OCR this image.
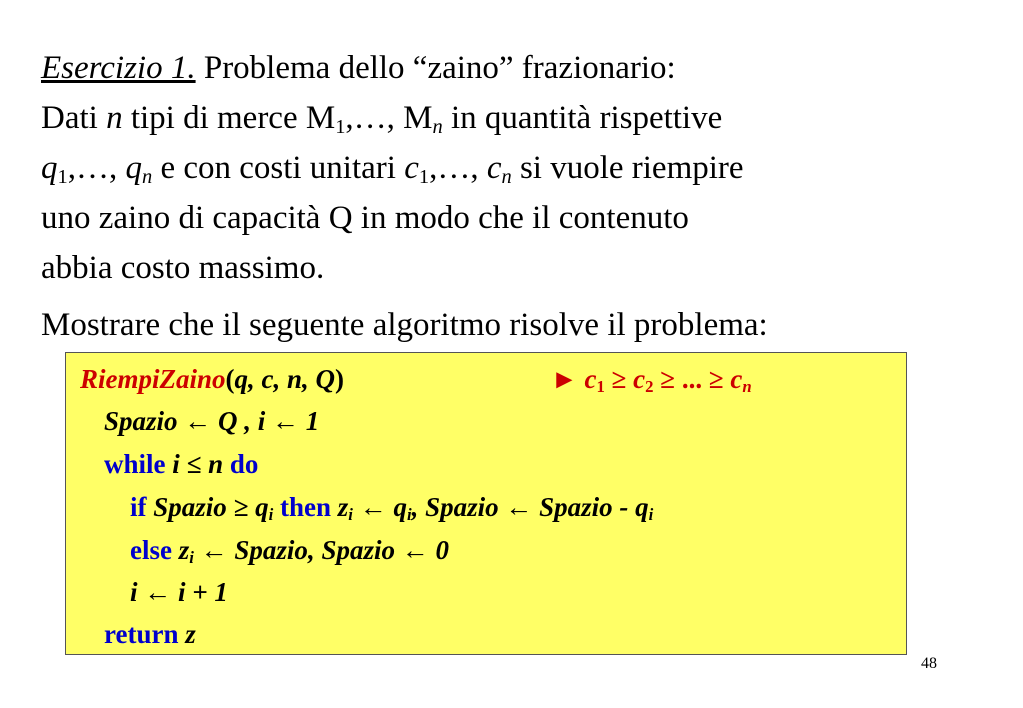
Esercizio 1. Problema dello “zaino” frazionario:
Dati n tipi di merce $M_1,\dots$, $M_n$ in quantità rispettive
$q_1,\dots$, $q_n$ e con costi unitari $c_1,\dots$, $c_n$ si vuole riempire
uno zaino di capacità Q in modo che il contenuto
abbia costo massimo.
Mostrare che il seguente algoritmo risolve il problema:
RiempiZaino(q, c, n, Q)	► $c_1 \ge c_2$ ≥ ... ≥ $c_n$
Spazio ← Q , i ← 1
while i ≤ n do
if Spazio ≥ $q_i$ then $z_i$ ← $q_i$, Spazio ← Spazio - $q_i$
else $z_i$ ← Spazio, Spazio ← 0
i ← i + 1
return z
48
